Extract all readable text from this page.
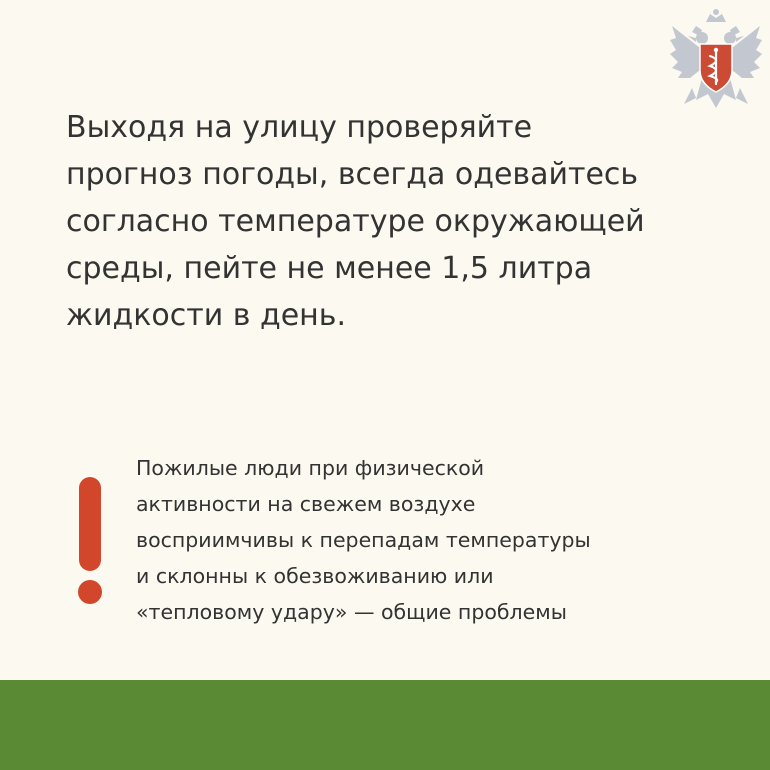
Выходя на улицу проверяйте
прогноз погоды, всегда одевайтесь
согласно температуре окружающей
среды, пейте не менее 1,5 литра
жидкости в день.

Пожилые люди при физической
активности на свежем воздухе
восприимчивы к перепадам температуры
и склонны к обезвоживанию или
«тепловому удару» — общие проблемы
